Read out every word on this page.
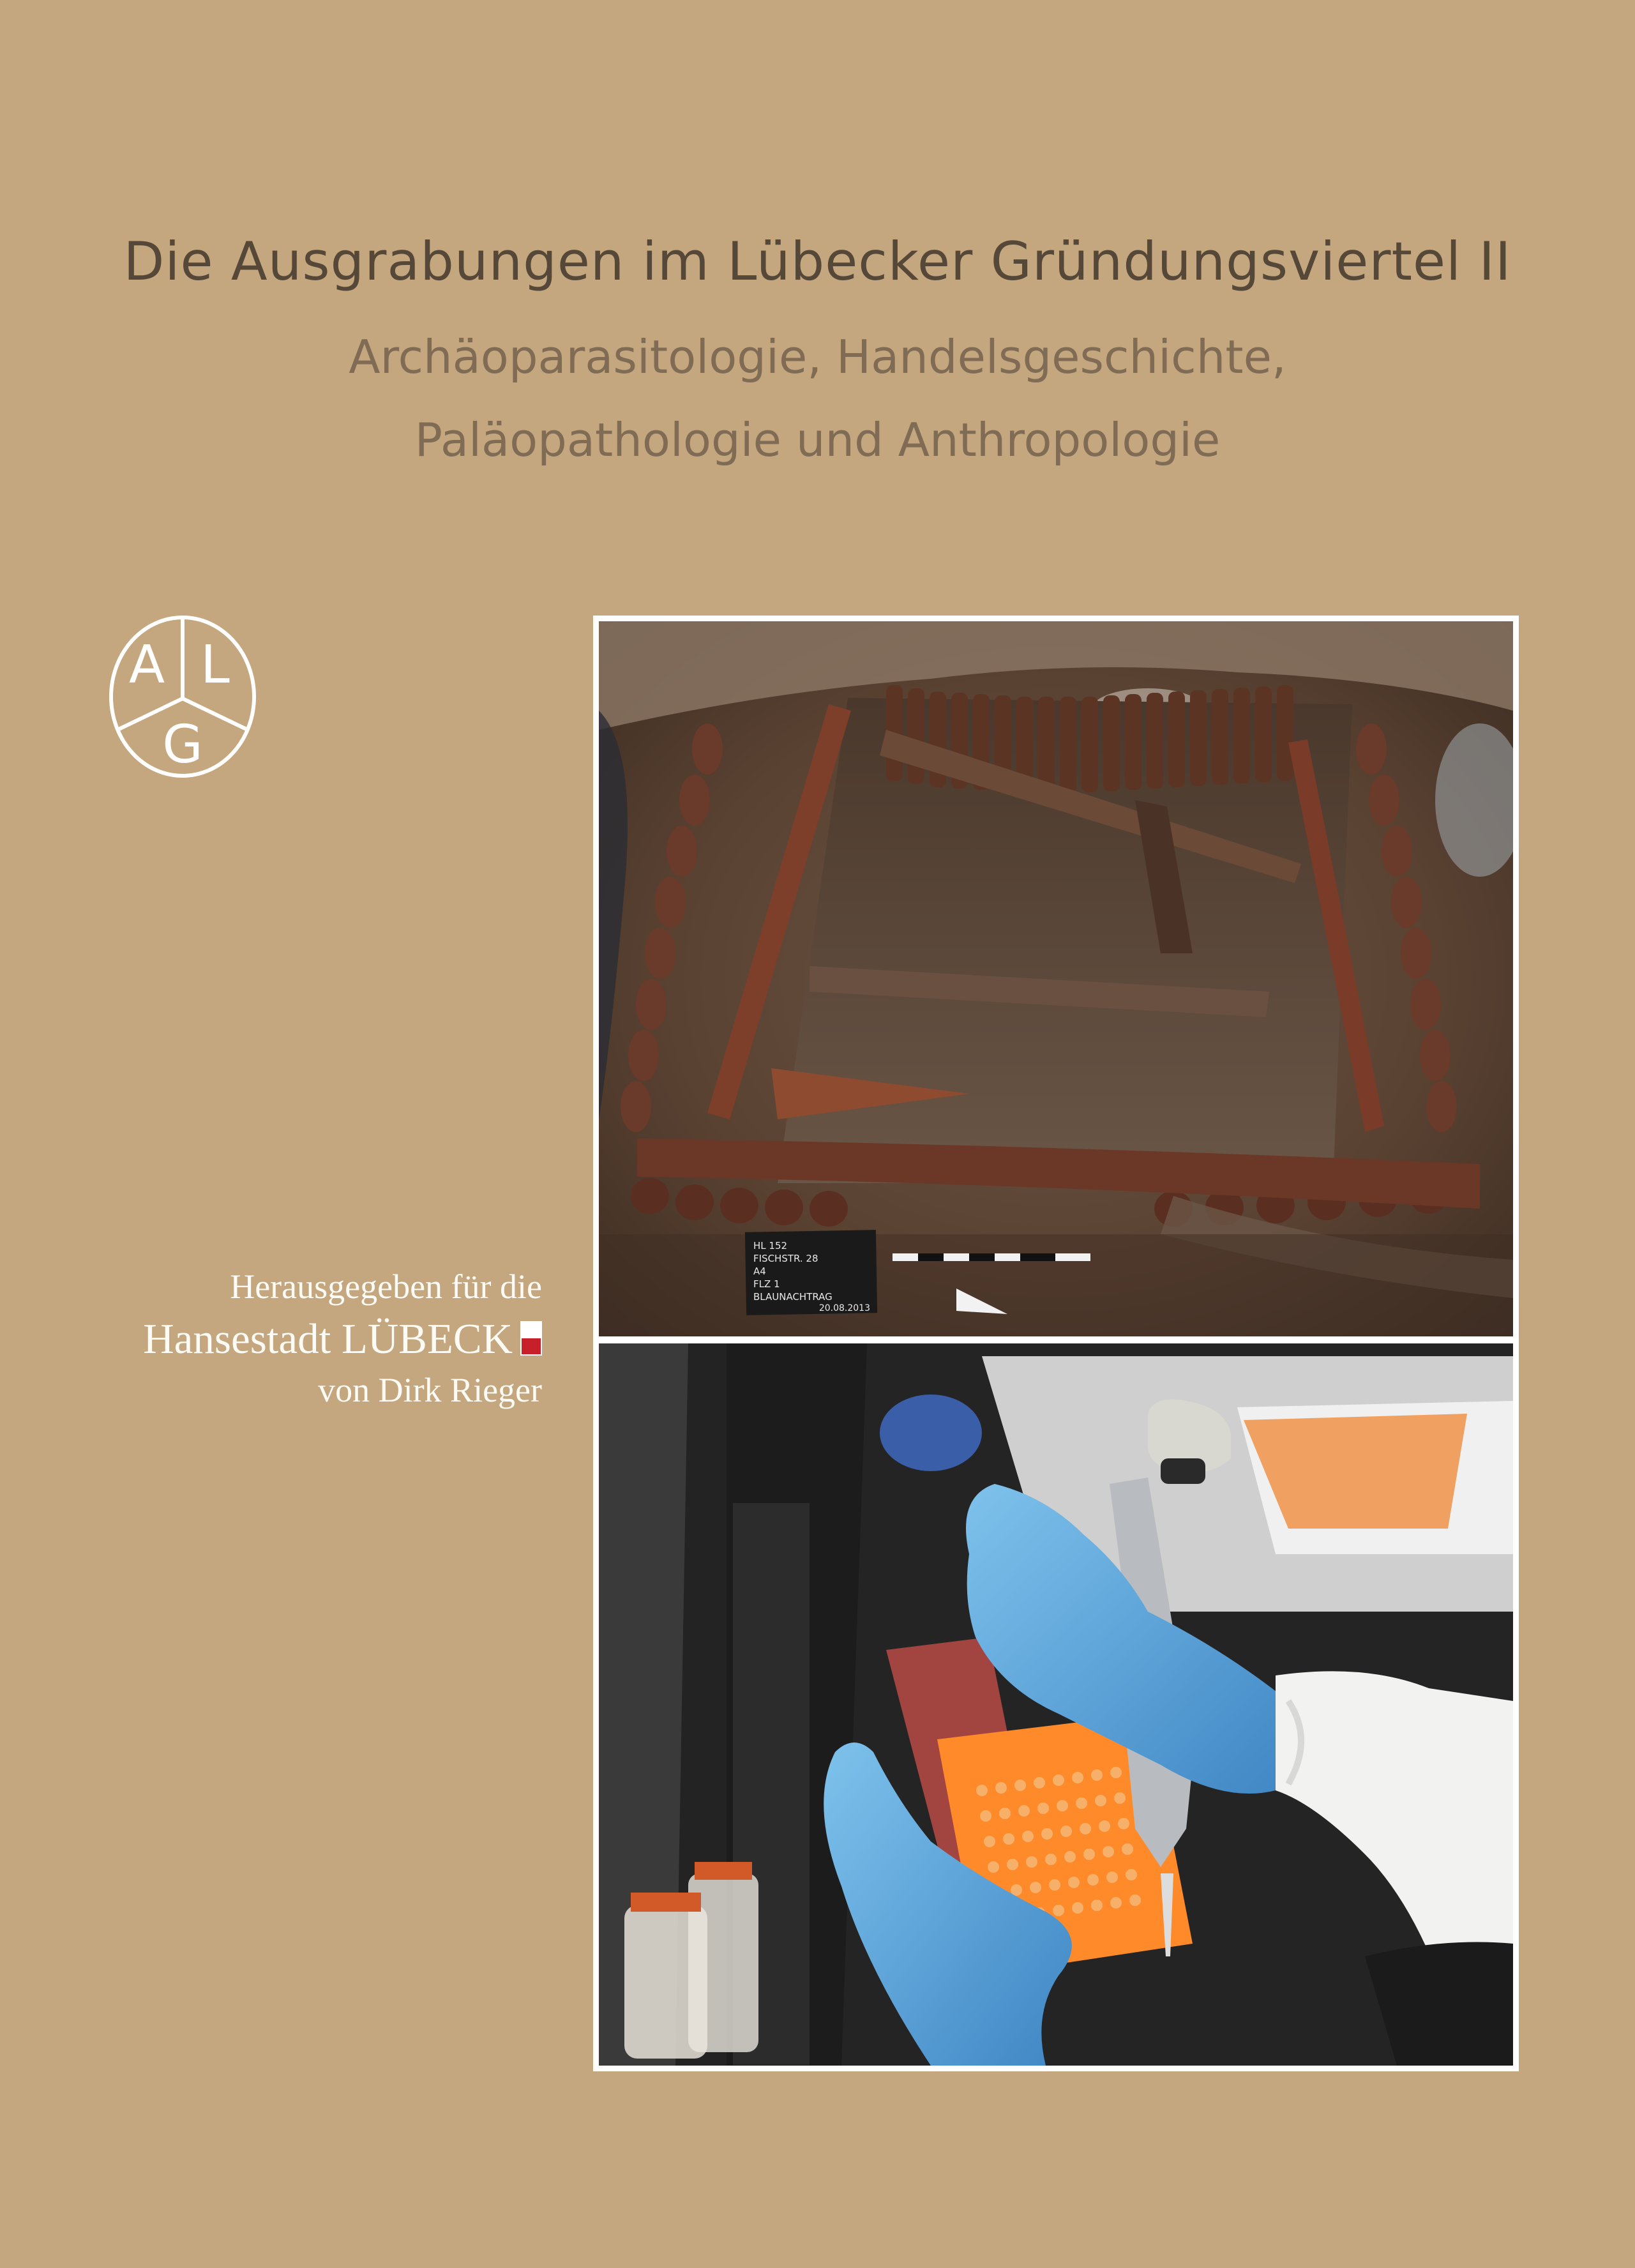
Die Ausgrabungen im Lübecker Gründungsviertel II
Archäoparasitologie, Handelsgeschichte,
Paläopathologie und Anthropologie
A L
G
Herausgegeben für die
Hansestadt LÜBECK
von Dirk Rieger
HL 152
FISCHSTR. 28
A4
FLZ 1
BLAUNACHTRAG
20.08.2013
